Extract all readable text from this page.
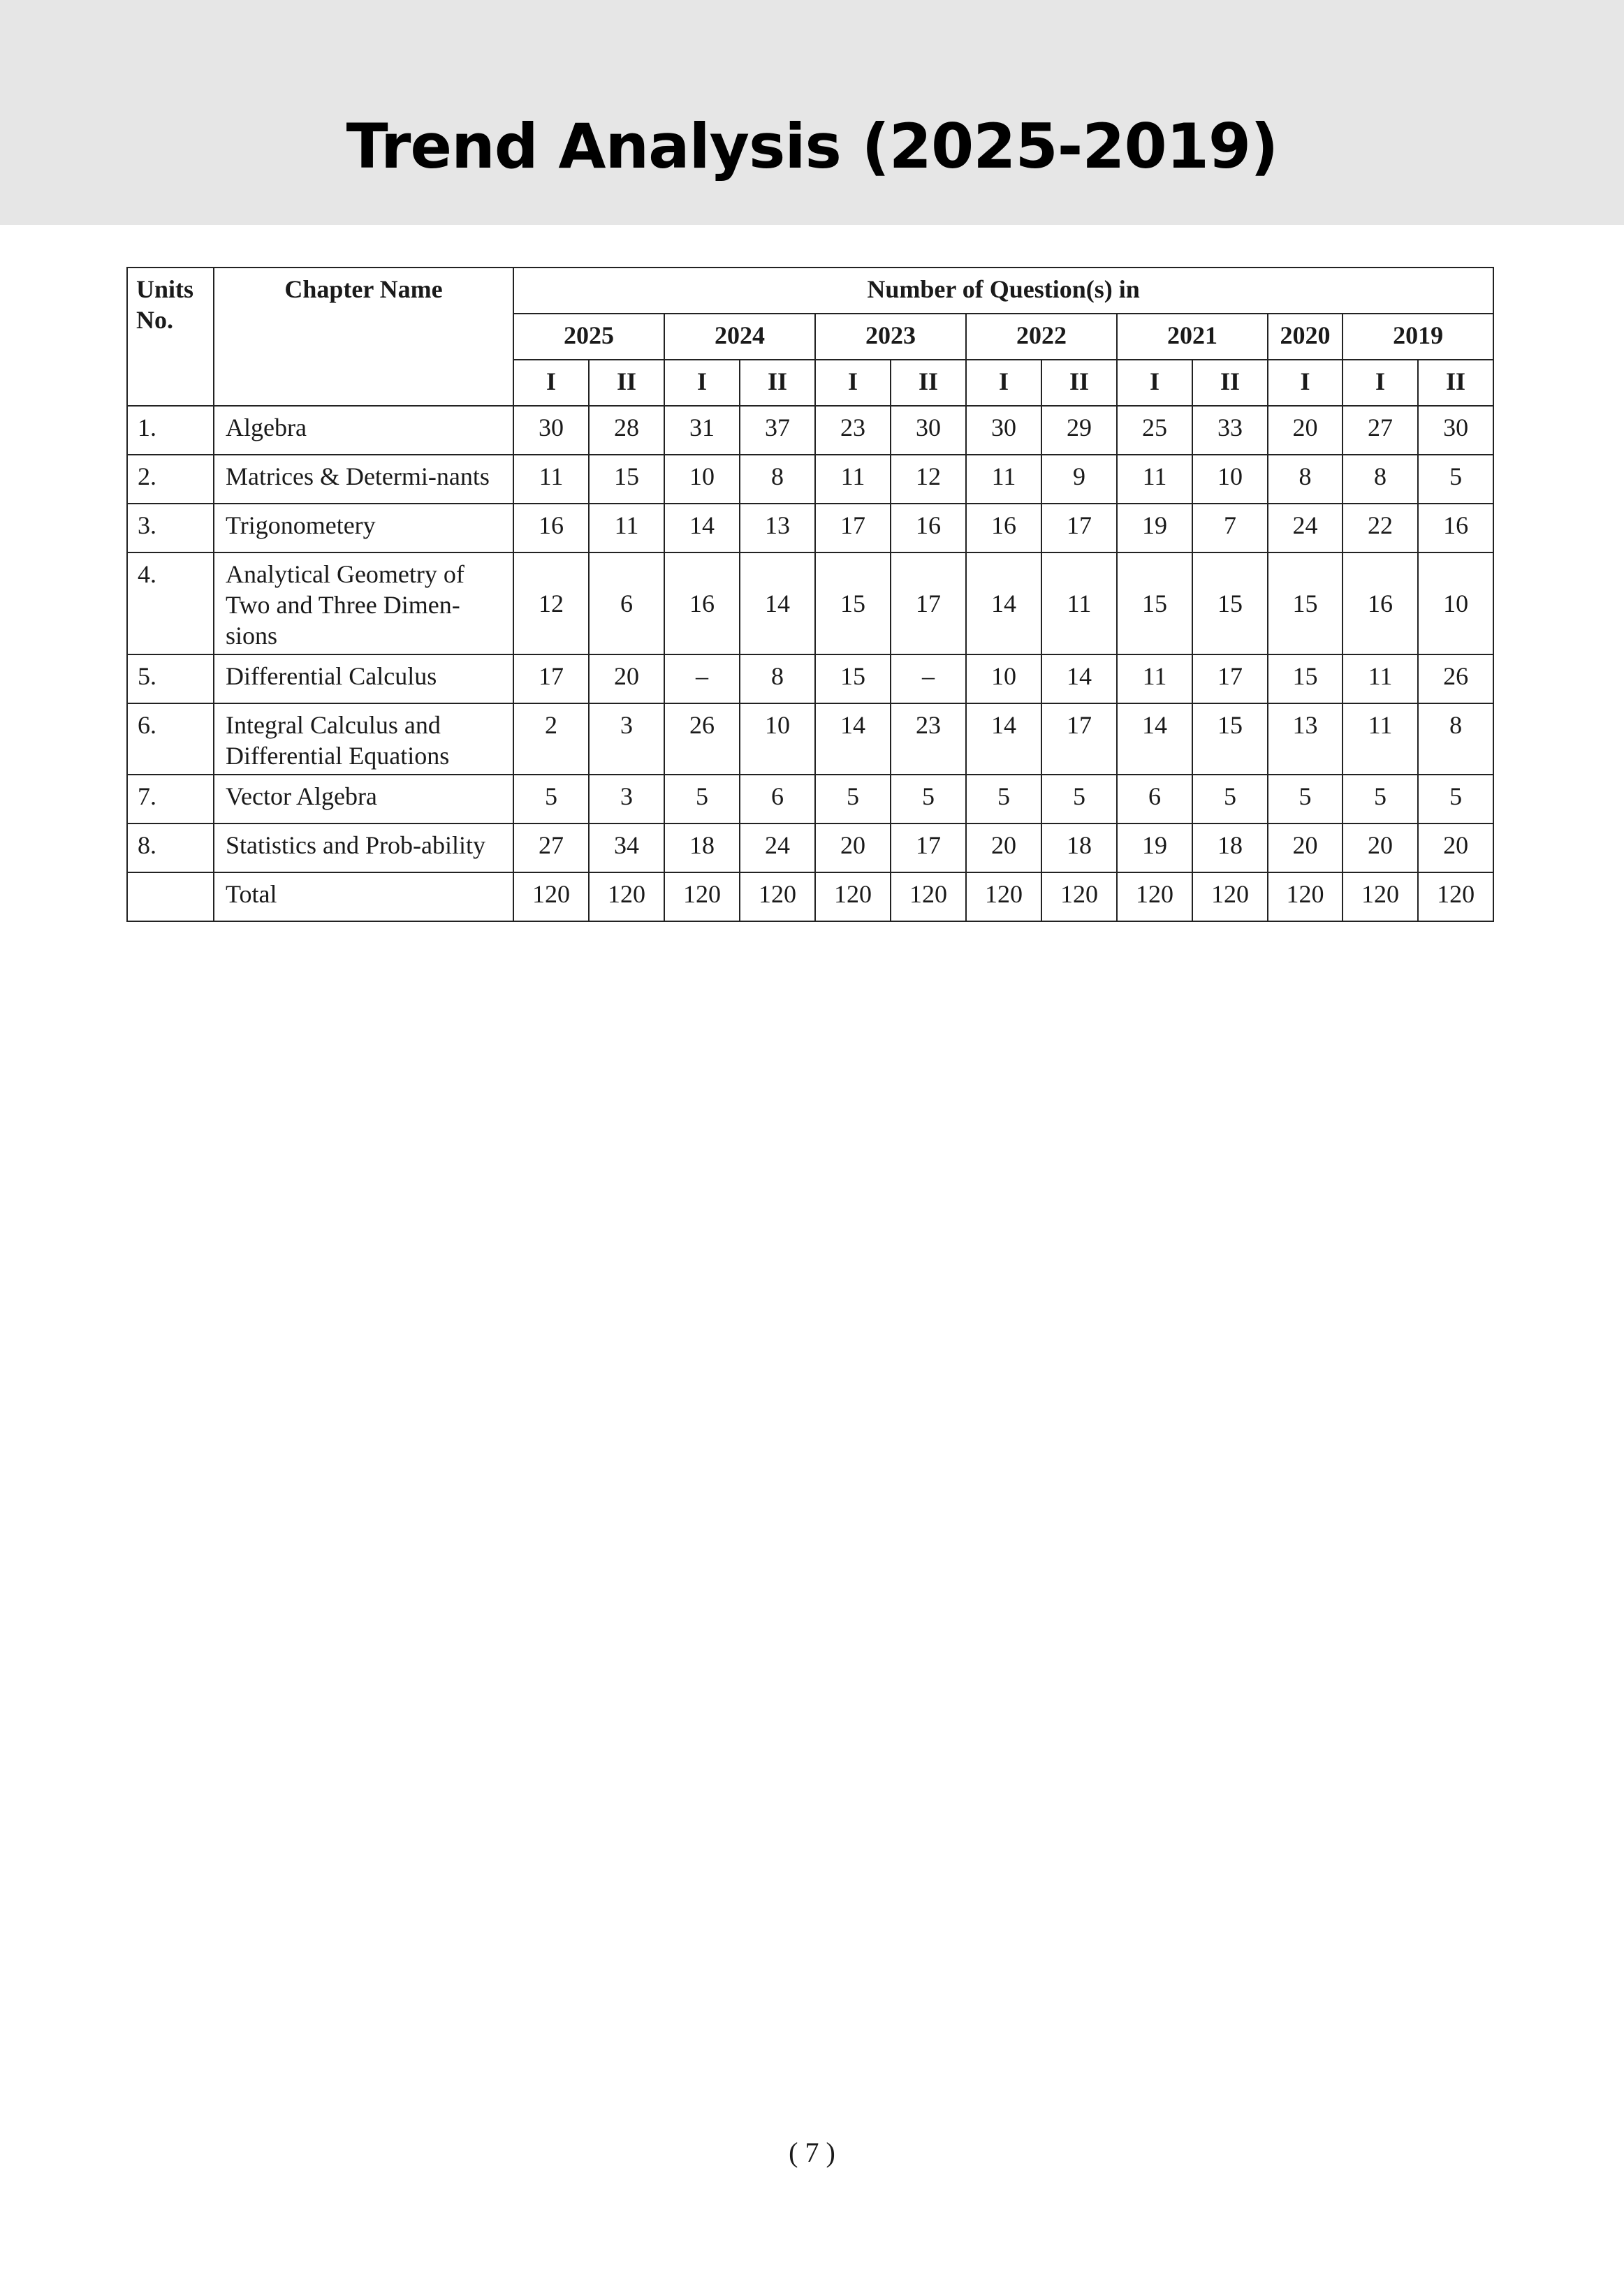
Trend Analysis (2025-2019)
Units No.	Chapter Name	Number of Question(s) in												
		2025		2024		2023		2022		2021		2020	2019	
		I	II	I	II	I	II	I	II	I	II	I	I	II
1.	Algebra	30	28	31	37	23	30	30	29	25	33	20	27	30
2.	Matrices & Determi-nants	11	15	10	8	11	12	11	9	11	10	8	8	5
3.	Trigonometery	16	11	14	13	17	16	16	17	19	7	24	22	16
4.	Analytical Geometry of Two and Three Dimen-sions	12	6	16	14	15	17	14	11	15	15	15	16	10
5.	Differential Calculus	17	20	–	8	15	–	10	14	11	17	15	11	26
6.	Integral Calculus and Differential Equations	2	3	26	10	14	23	14	17	14	15	13	11	8
7.	Vector Algebra	5	3	5	6	5	5	5	5	6	5	5	5	5
8.	Statistics and Prob-ability	27	34	18	24	20	17	20	18	19	18	20	20	20
	Total	120	120	120	120	120	120	120	120	120	120	120	120	120
( 7 )
